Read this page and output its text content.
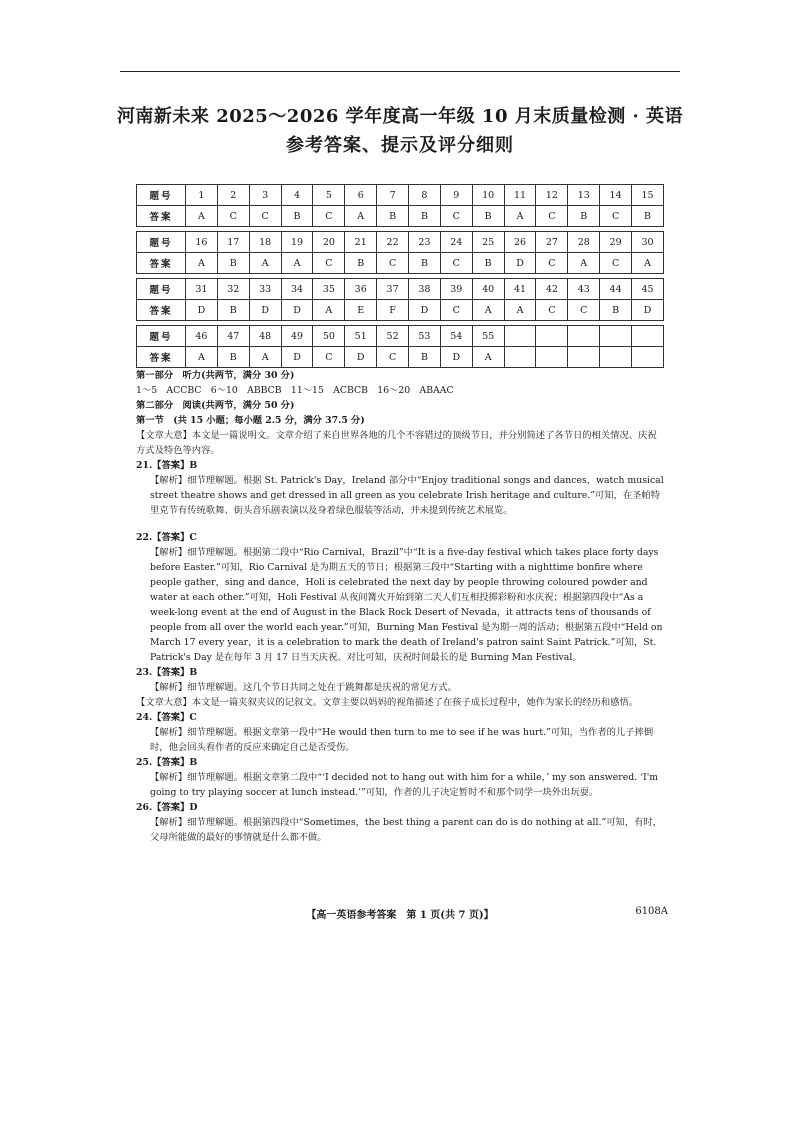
河南新未来 2025～2026 学年度高一年级 10 月末质量检测 · 英语
参考答案、提示及评分细则
题号	1	2	3	4	5	6	7	8	9	10	11	12	13	14	15
答案	A	C	C	B	C	A	B	B	C	B	A	C	B	C	B

题号	16	17	18	19	20	21	22	23	24	25	26	27	28	29	30
答案	A	B	A	A	C	B	C	B	C	B	D	C	A	C	A

题号	31	32	33	34	35	36	37	38	39	40	41	42	43	44	45
答案	D	B	D	D	A	E	F	D	C	A	A	C	C	B	D

题号	46	47	48	49	50	51	52	53	54	55					
答案	A	B	A	D	C	D	C	B	D	A					

第一部分　听力(共两节，满分 30 分)

1～5　ACCBC　6～10　ABBCB　11～15　ACBCB　16～20　ABAAC

第二部分　阅读(共两节，满分 50 分)

第一节　(共 15 小题；每小题 2.5 分，满分 37.5 分)

【文章大意】本文是一篇说明文。文章介绍了来自世界各地的几个不容错过的顶级节日，并分别简述了各节日的相关情况、庆祝方式及特色等内容。

21.【答案】B

【解析】细节理解题。根据 St. Patrick's Day，Ireland 部分中“Enjoy traditional songs and dances，watch musical street theatre shows and get dressed in all green as you celebrate Irish heritage and culture.”可知，在圣帕特里克节有传统歌舞、街头音乐剧表演以及身着绿色服装等活动，并未提到传统艺术展览。

22.【答案】C

【解析】细节理解题。根据第二段中“Rio Carnival，Brazil”中“It is a five-day festival which takes place forty days before Easter.”可知，Rio Carnival 是为期五天的节日；根据第三段中“Starting with a nighttime bonfire where people gather，sing and dance，Holi is celebrated the next day by people throwing coloured powder and water at each other.”可知，Holi Festival 从夜间篝火开始到第二天人们互相投掷彩粉和水庆祝；根据第四段中“As a week-long event at the end of August in the Black Rock Desert of Nevada，it attracts tens of thousands of people from all over the world each year.”可知，Burning Man Festival 是为期一周的活动；根据第五段中“Held on March 17 every year，it is a celebration to mark the death of Ireland's patron saint Saint Patrick.”可知，St. Patrick's Day 是在每年 3 月 17 日当天庆祝。对比可知，庆祝时间最长的是 Burning Man Festival。

23.【答案】B

【解析】细节理解题。这几个节日共同之处在于跳舞都是庆祝的常见方式。

【文章大意】本文是一篇夹叙夹议的记叙文。文章主要以妈妈的视角描述了在孩子成长过程中，她作为家长的经历和感悟。

24.【答案】C

【解析】细节理解题。根据文章第一段中“He would then turn to me to see if he was hurt.”可知，当作者的儿子摔倒时，他会回头看作者的反应来确定自己是否受伤。

25.【答案】B

【解析】细节理解题。根据文章第二段中“‘I decided not to hang out with him for a while，’ my son answered. ‘I'm going to try playing soccer at lunch instead.’”可知，作者的儿子决定暂时不和那个同学一块外出玩耍。

26.【答案】D

【解析】细节理解题。根据第四段中“Sometimes，the best thing a parent can do is do nothing at all.”可知，有时，父母所能做的最好的事情就是什么都不做。

【高一英语参考答案　第 1 页(共 7 页)】	6108A
